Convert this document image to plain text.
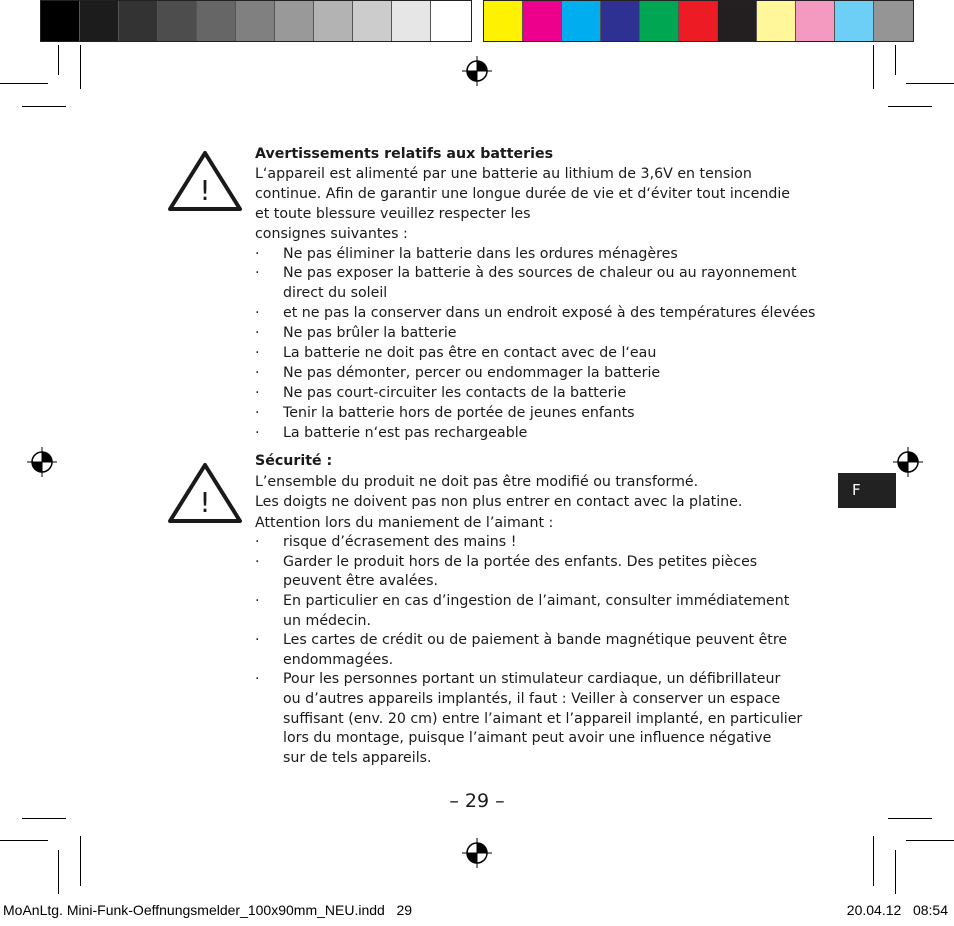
!
!
Avertissements relatifs aux batteries
L‘appareil est alimenté par une batterie au lithium de 3,6V en tension
continue. Afin de garantir une longue durée de vie et d‘éviter tout incendie
et toute blessure veuillez respecter les
consignes suivantes :
· Ne pas éliminer la batterie dans les ordures ménagères
· Ne pas exposer la batterie à des sources de chaleur ou au rayonnement
direct du soleil
· et ne pas la conserver dans un endroit exposé à des températures élevées
· Ne pas brûler la batterie
· La batterie ne doit pas être en contact avec de l‘eau
· Ne pas démonter, percer ou endommager la batterie
· Ne pas court-circuiter les contacts de la batterie
· Tenir la batterie hors de portée de jeunes enfants
· La batterie n‘est pas rechargeable
Sécurité :
L’ensemble du produit ne doit pas être modifié ou transformé.
Les doigts ne doivent pas non plus entrer en contact avec la platine.
Attention lors du maniement de l’aimant :
· risque d’écrasement des mains !
· Garder le produit hors de la portée des enfants. Des petites pièces
peuvent être avalées.
· En particulier en cas d’ingestion de l’aimant, consulter immédiatement
un médecin.
· Les cartes de crédit ou de paiement à bande magnétique peuvent être
endommagées.
· Pour les personnes portant un stimulateur cardiaque, un défibrillateur
ou d’autres appareils implantés, il faut : Veiller à conserver un espace
suffisant (env. 20 cm) entre l’aimant et l’appareil implanté, en particulier
lors du montage, puisque l’aimant peut avoir une influence négative
sur de tels appareils.
F
– 29 –
MoAnLtg. Mini-Funk-Oeffnungsmelder_100x90mm_NEU.indd   29	20.04.12   08:54
